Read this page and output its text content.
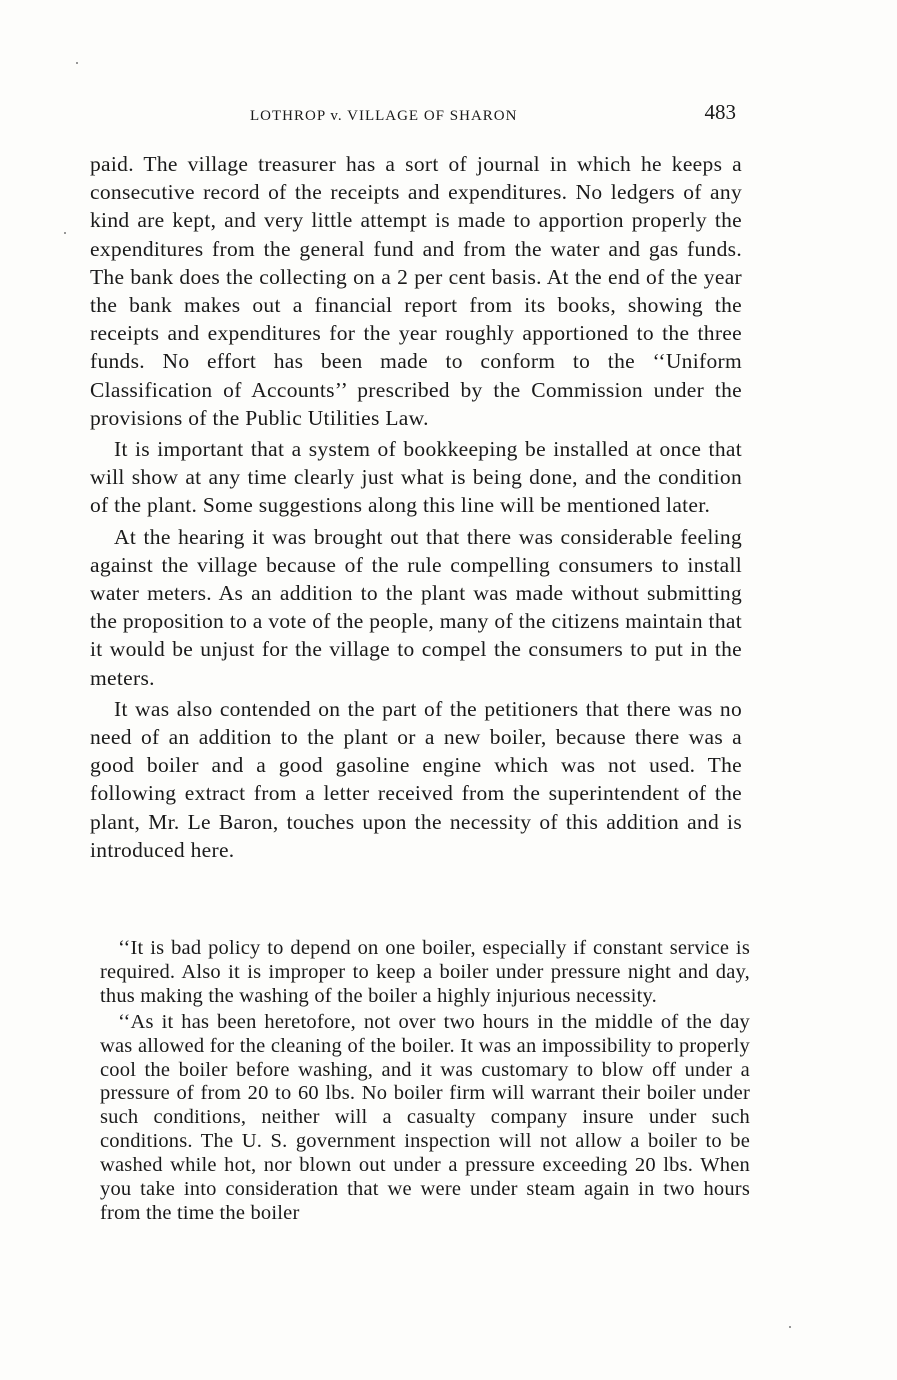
LOTHROP v. VILLAGE OF SHARON	483

paid. The village treasurer has a sort of journal in which he keeps a consecutive record of the receipts and expenditures. No ledgers of any kind are kept, and very little attempt is made to apportion properly the expenditures from the general fund and from the water and gas funds. The bank does the collecting on a 2 per cent basis. At the end of the year the bank makes out a financial report from its books, showing the receipts and expenditures for the year roughly apportioned to the three funds. No effort has been made to conform to the ‘‘Uniform Classification of Accounts’’ prescribed by the Commission under the provisions of the Public Utilities Law.

It is important that a system of bookkeeping be installed at once that will show at any time clearly just what is being done, and the condition of the plant. Some suggestions along this line will be mentioned later.

At the hearing it was brought out that there was considerable feeling against the village because of the rule compelling consumers to install water meters. As an addition to the plant was made without submitting the proposition to a vote of the people, many of the citizens maintain that it would be unjust for the village to compel the consumers to put in the meters.

It was also contended on the part of the petitioners that there was no need of an addition to the plant or a new boiler, because there was a good boiler and a good gasoline engine which was not used. The following extract from a letter received from the superintendent of the plant, Mr. Le Baron, touches upon the necessity of this addition and is introduced here.

‘‘It is bad policy to depend on one boiler, especially if constant service is required. Also it is improper to keep a boiler under pressure night and day, thus making the washing of the boiler a highly injurious necessity.

‘‘As it has been heretofore, not over two hours in the middle of the day was allowed for the cleaning of the boiler. It was an impossibility to properly cool the boiler before washing, and it was customary to blow off under a pressure of from 20 to 60 lbs. No boiler firm will warrant their boiler under such conditions, neither will a casualty company insure under such conditions. The U. S. government inspection will not allow a boiler to be washed while hot, nor blown out under a pressure exceeding 20 lbs. When you take into consideration that we were under steam again in two hours from the time the boiler
